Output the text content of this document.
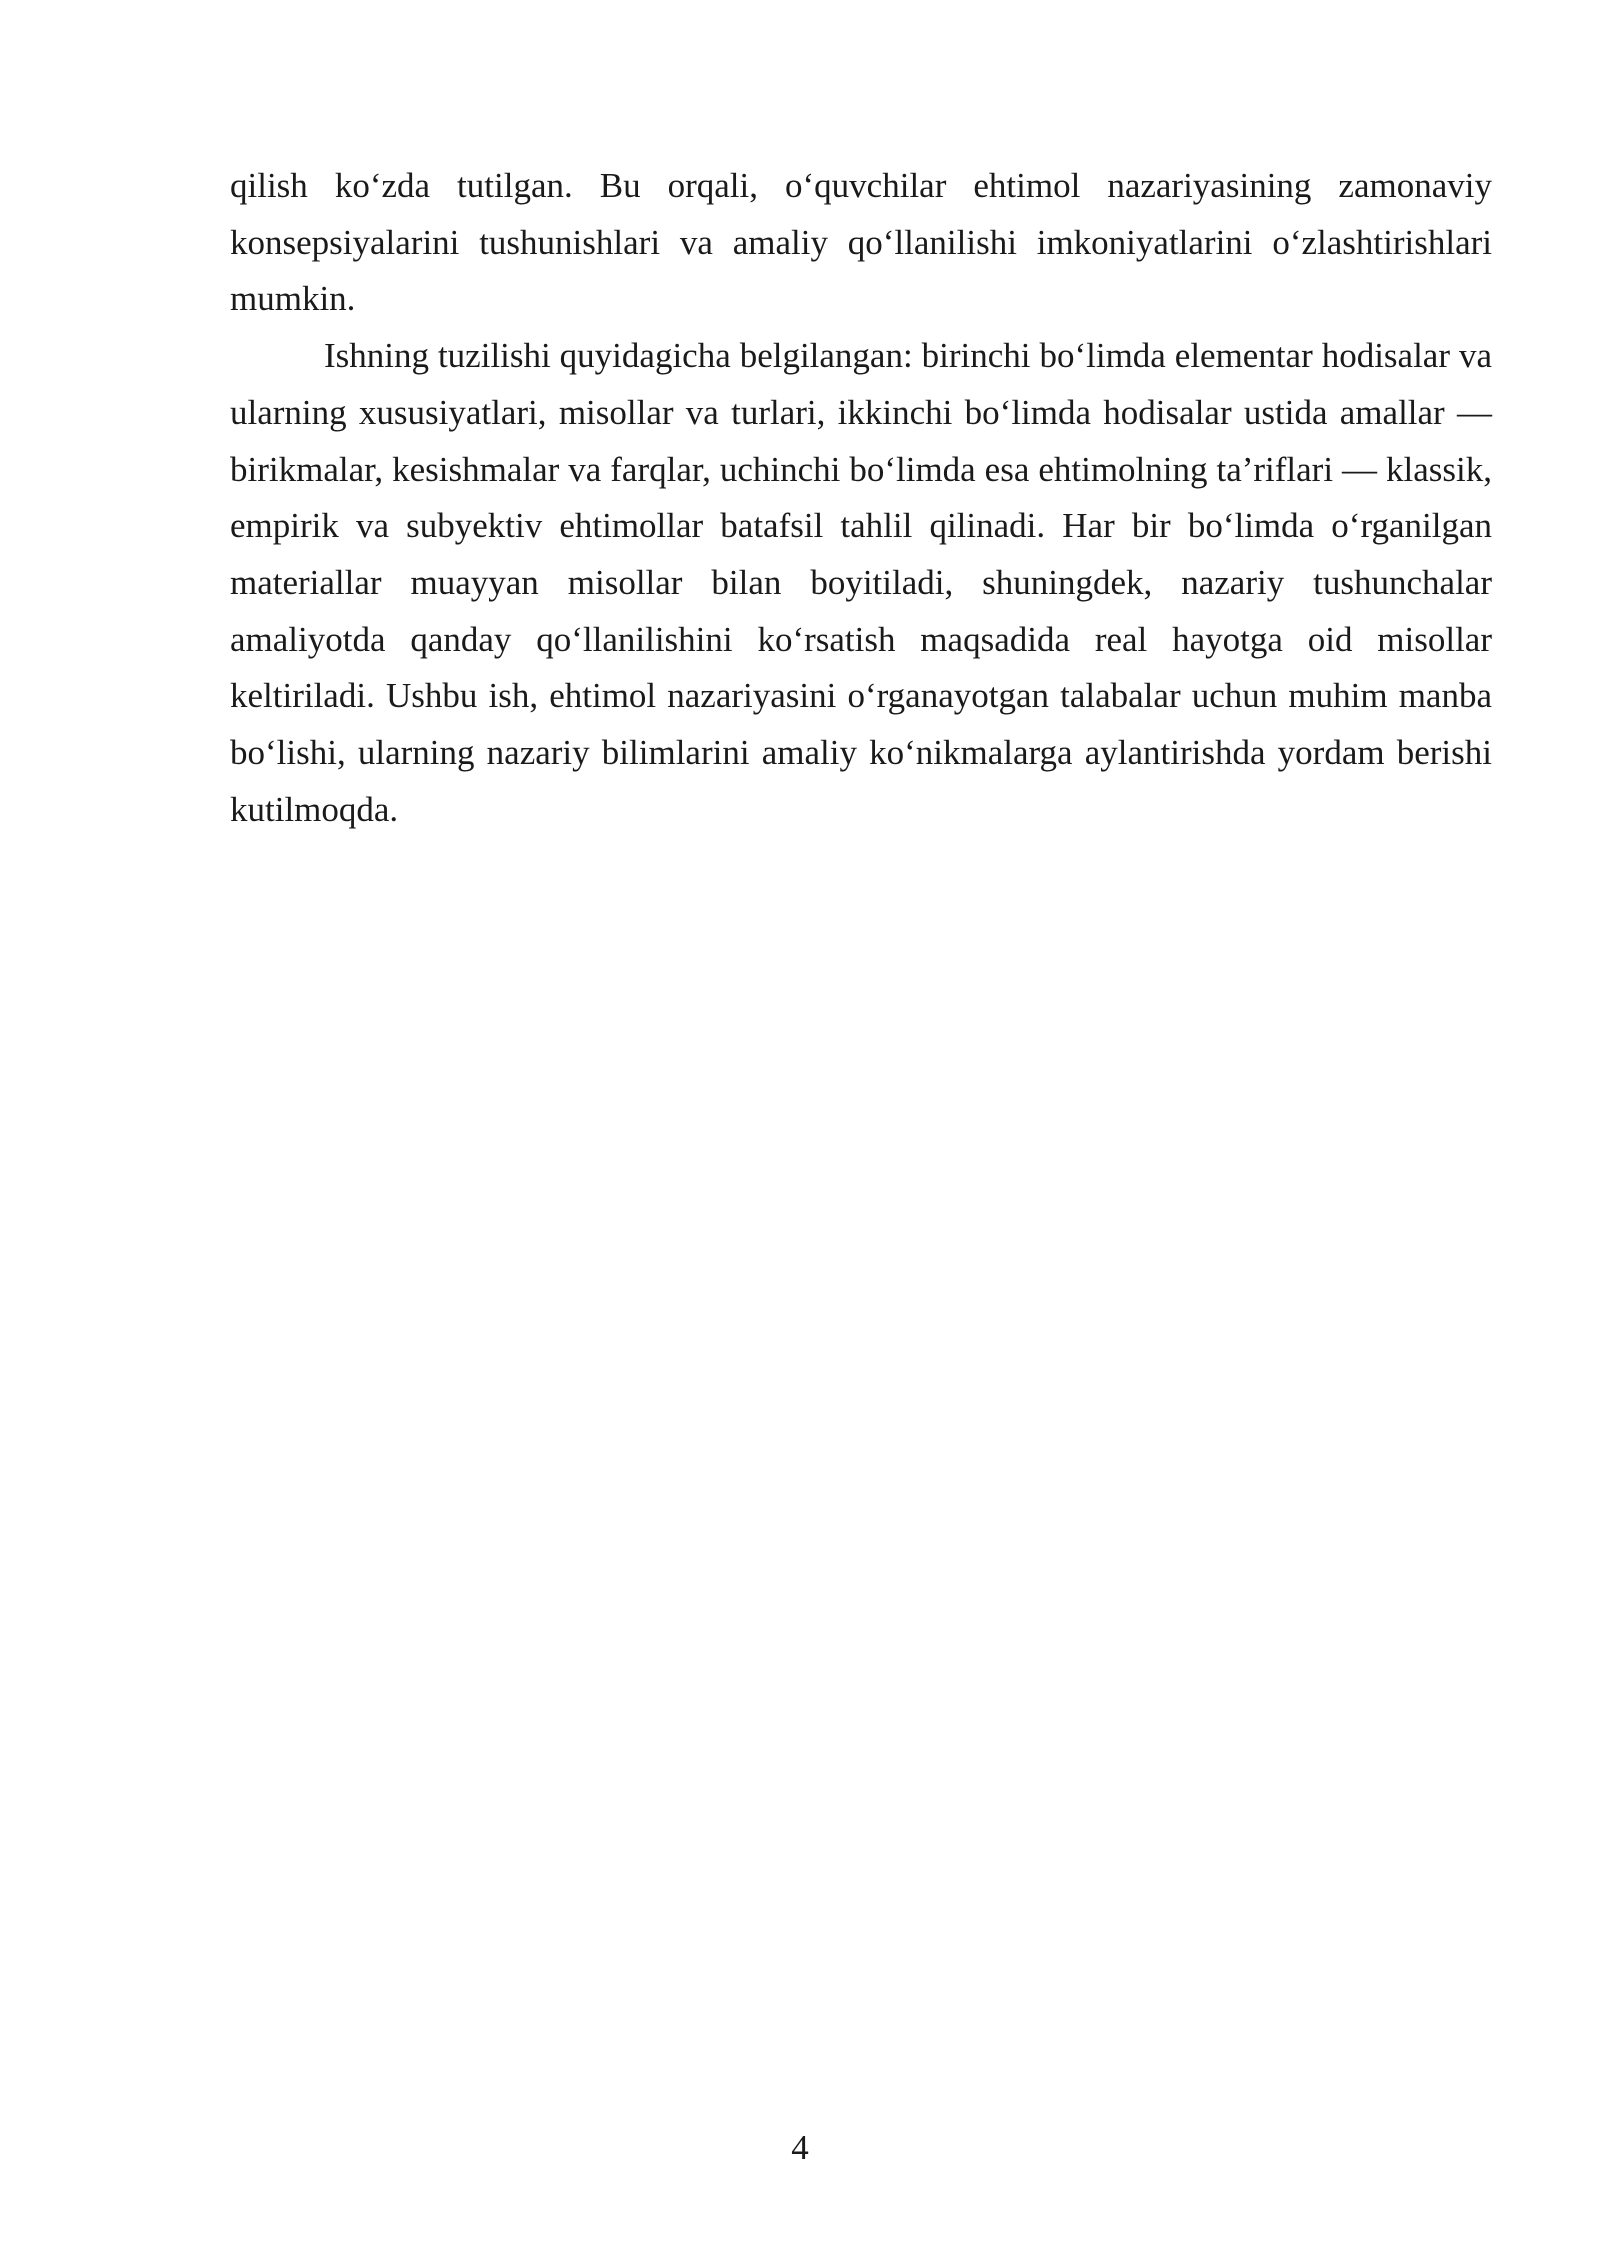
qilish ko‘zda tutilgan. Bu orqali, o‘quvchilar ehtimol nazariyasining zamonaviy konsepsiyalarini tushunishlari va amaliy qo‘llanilishi imkoniyatlarini o‘zlashtirishlari mumkin.

Ishning tuzilishi quyidagicha belgilangan: birinchi bo‘limda elementar hodisalar va ularning xususiyatlari, misollar va turlari, ikkinchi bo‘limda hodisalar ustida amallar — birikmalar, kesishmalar va farqlar, uchinchi bo‘limda esa ehtimolning ta’riflari — klassik, empirik va subyektiv ehtimollar batafsil tahlil qilinadi. Har bir bo‘limda o‘rganilgan materiallar muayyan misollar bilan boyitiladi, shuningdek, nazariy tushunchalar amaliyotda qanday qo‘llanilishini ko‘rsatish maqsadida real hayotga oid misollar keltiriladi. Ushbu ish, ehtimol nazariyasini o‘rganayotgan talabalar uchun muhim manba bo‘lishi, ularning nazariy bilimlarini amaliy ko‘nikmalarga aylantirishda yordam berishi kutilmoqda.

4
